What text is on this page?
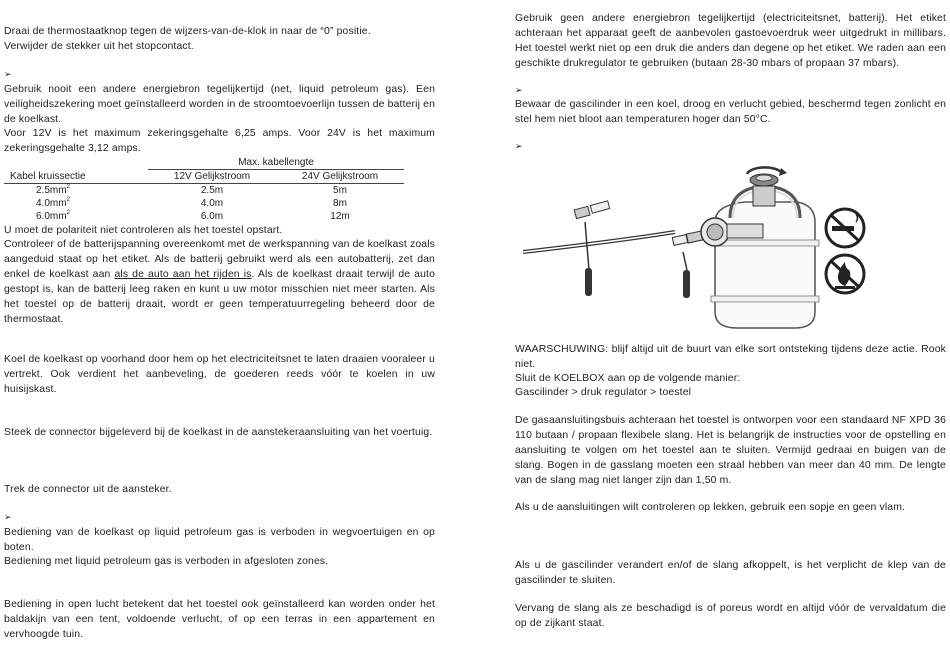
Draai de thermostaatknop tegen de wijzers-van-de-klok in naar de “0” positie.

Verwijder de stekker uit het stopcontact.

➢

Gebruik nooit een andere energiebron tegelijkertijd (net, liquid petroleum gas). Een veiligheidszekering moet geïnstalleerd worden in de stroomtoevoerlijn tussen de batterij en de koelkast.

Voor 12V is het maximum zekeringsgehalte 6,25 amps. Voor 24V is het maximum zekeringsgehalte 3,12 amps.

	Max. kabellengte	
Kabel kruissectie	12V Gelijkstroom	24V Gelijkstroom
$2.5mm^2$	2.5m	5m
$4.0mm^2$	4.0m	8m
$6.0mm^2$	6.0m	12m

U moet de polariteit niet controleren als het toestel opstart.

Controleer of de batterijspanning overeenkomt met de werkspanning van de koelkast zoals aangeduid staat op het etiket. Als de batterij gebruikt werd als een autobatterij, zet dan enkel de koelkast aan als de auto aan het rijden is. Als de koelkast draait terwijl de auto gestopt is, kan de batterij leeg raken en kunt u uw motor misschien niet meer starten. Als het toestel op de batterij draait, wordt er geen temperatuurregeling beheerd door de thermostaat.

Koel de koelkast op voorhand door hem op het electriciteitsnet te laten draaien vooraleer u vertrekt. Ook verdient het aanbeveling, de goederen reeds vóór te koelen in uw huisijskast.

Steek de connector bijgeleverd bij de koelkast in de aanstekeraansluiting van het voertuig.

Trek de connector uit de aansteker.

➢

Bediening van de koelkast op liquid petroleum gas is verboden in wegvoertuigen en op boten.

Bediening met liquid petroleum gas is verboden in afgesloten zones.

Bediening in open lucht betekent dat het toestel ook geïnstalleerd kan worden onder het baldakijn van een tent, voldoende verlucht, of op een terras in een appartement en vervhoogde tuin.

Gebruik geen andere energiebron tegelijkertijd (electriciteitsnet, batterij). Het etiket achteraan het apparaat geeft de aanbevolen gastoevoerdruk weer uitgedrukt in millibars. Het toestel werkt niet op een druk die anders dan degene op het etiket. We raden aan een geschikte drukregulator te gebruiken (butaan 28-30 mbars of propaan 37 mbars).

➢

Bewaar de gascilinder in een koel, droog en verlucht gebied, beschermd tegen zonlicht en stel hem niet bloot aan temperaturen hoger dan 50°C.

➢

WAARSCHUWING: blijf altijd uit de buurt van elke sort ontsteking tijdens deze actie. Rook niet.

Sluit de KOELBOX aan op de volgende manier:

Gascilinder > druk regulator > toestel

De gasaansluitingsbuis achteraan het toestel is ontworpen voor een standaard NF XPD 36 110 butaan / propaan flexibele slang. Het is belangrijk de instructies voor de opstelling en aansluiting te volgen om het toestel aan te sluiten. Vermijd gedraai en buigen van de slang. Bogen in de gasslang moeten een straal hebben van meer dan 40 mm. De lengte van de slang mag niet langer zijn dan 1,50 m.

Als u de aansluitingen wilt controleren op lekken, gebruik een sopje en geen vlam.

Als u de gascilinder verandert en/of de slang afkoppelt, is het verplicht de klep van de gascilinder te sluiten.

Vervang de slang als ze beschadigd is of poreus wordt en altijd vóór de vervaldatum die op de zijkant staat.
